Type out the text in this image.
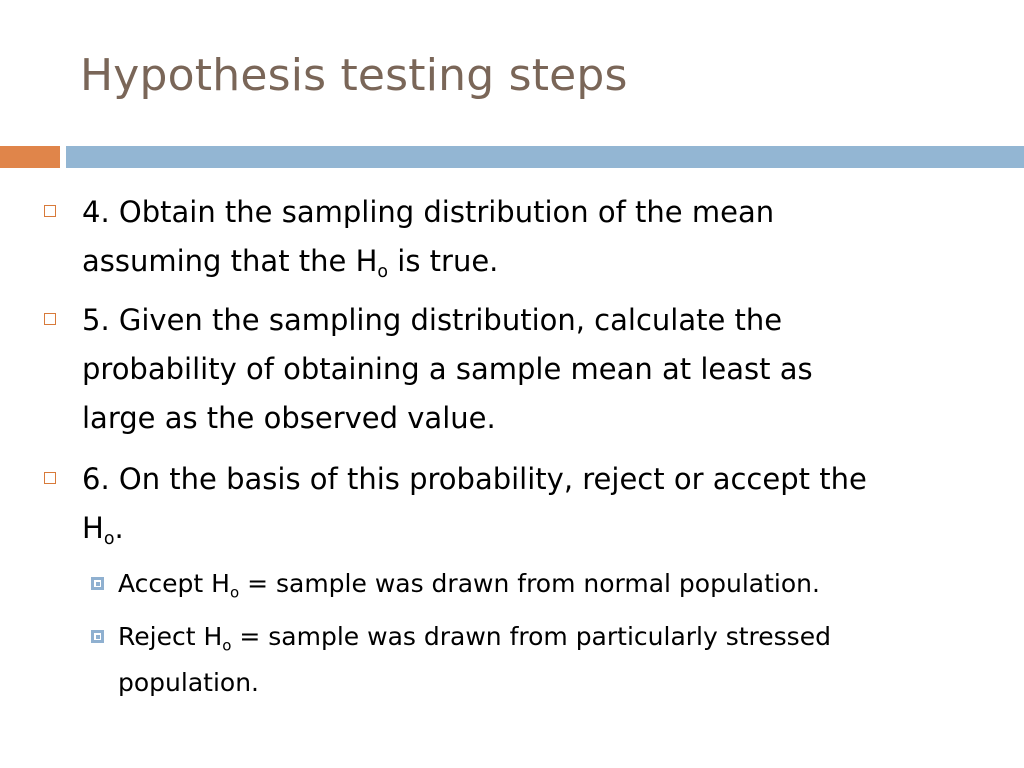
Hypothesis testing steps
4. Obtain the sampling distribution of the mean
assuming that the $H_o$ is true.
5. Given the sampling distribution, calculate the
probability of obtaining a sample mean at least as
large as the observed value.
6. On the basis of this probability, reject or accept the
$H_o$.
Accept $H_o$ = sample was drawn from normal population.
Reject $H_o$ = sample was drawn from particularly stressed
population.
